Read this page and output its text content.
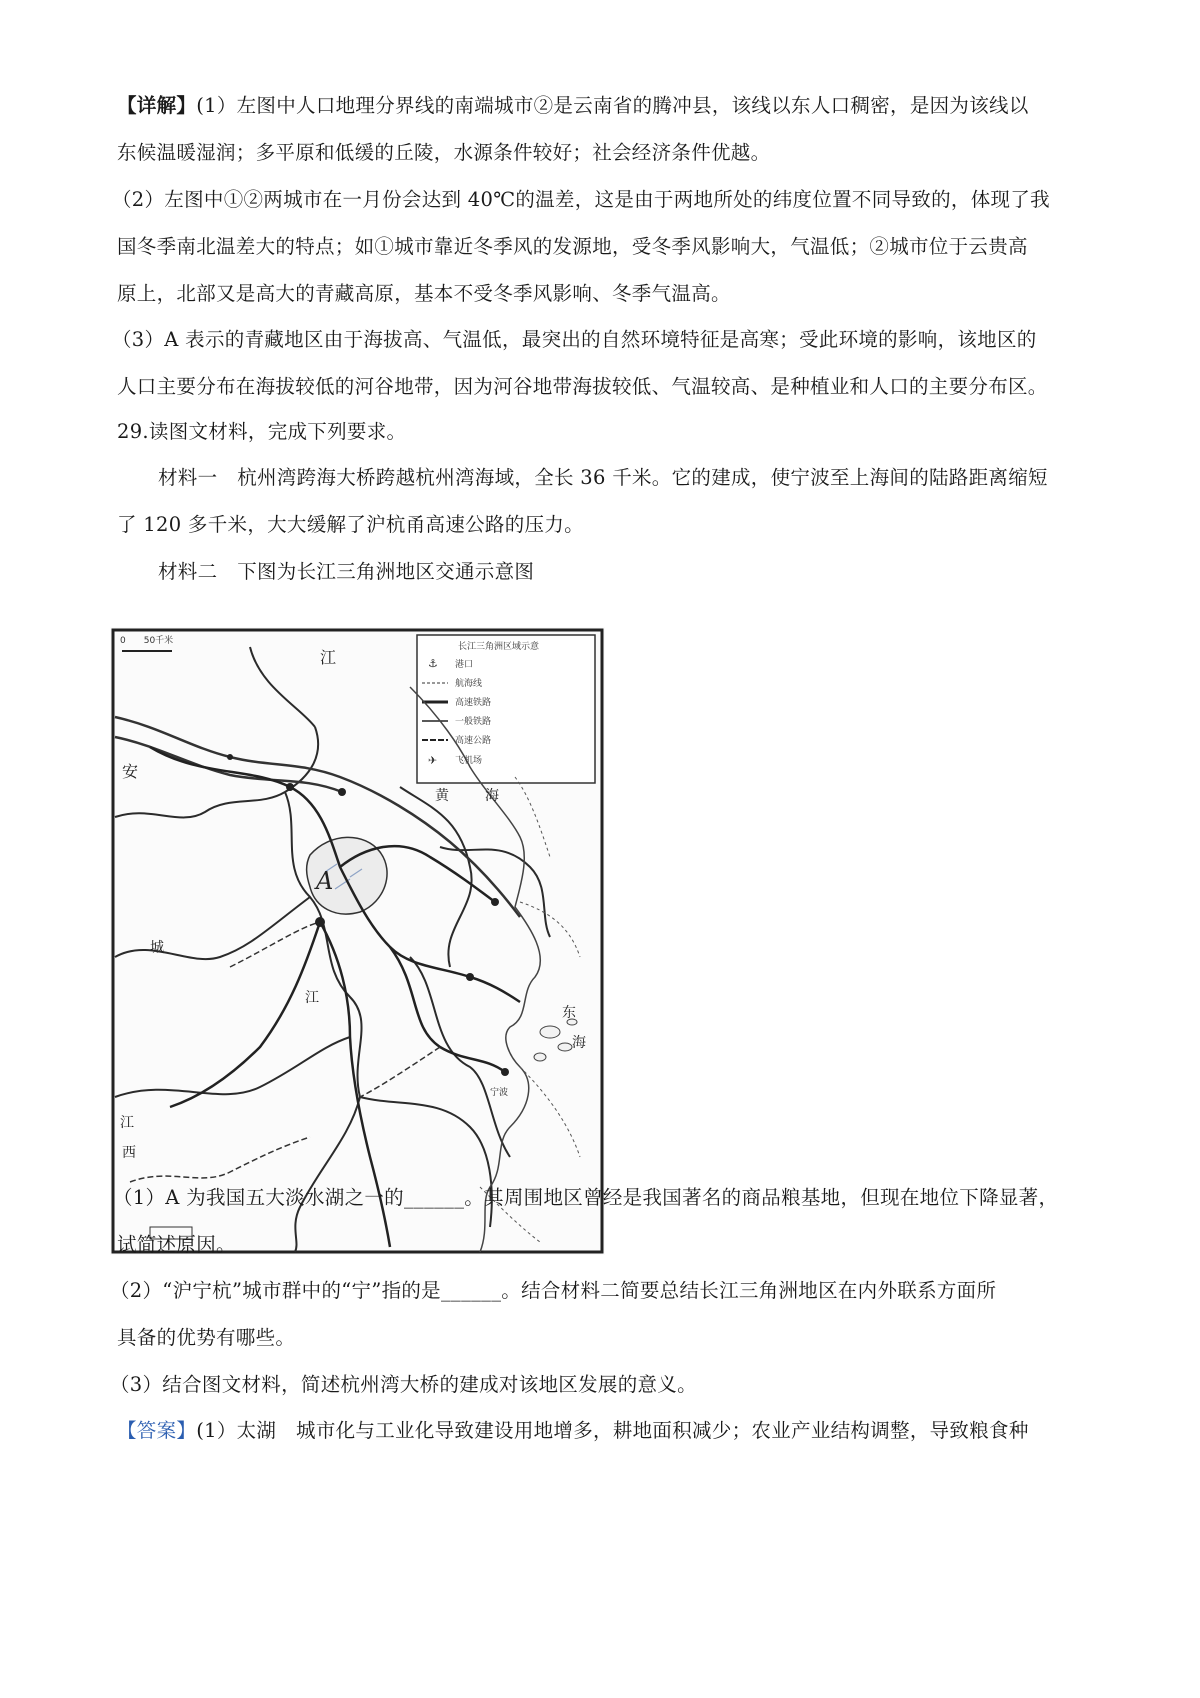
【详解】(1）左图中人口地理分界线的南端城市②是云南省的腾冲县，该线以东人口稠密，是因为该线以
东候温暖湿润；多平原和低缓的丘陵，水源条件较好；社会经济条件优越。
（2）左图中①②两城市在一月份会达到 40℃的温差，这是由于两地所处的纬度位置不同导致的，体现了我
国冬季南北温差大的特点；如①城市靠近冬季风的发源地，受冬季风影响大，气温低；②城市位于云贵高
原上，北部又是高大的青藏高原，基本不受冬季风影响、冬季气温高。
（3）A 表示的青藏地区由于海拔高、气温低，最突出的自然环境特征是高寒；受此环境的影响，该地区的
人口主要分布在海拔较低的河谷地带，因为河谷地带海拔较低、气温较高、是种植业和人口的主要分布区。
29.读图文材料，完成下列要求。
材料一　杭州湾跨海大桥跨越杭州湾海域，全长 36 千米。它的建成，使宁波至上海间的陆路距离缩短
了 120 多千米，大大缓解了沪杭甬高速公路的压力。
材料二　下图为长江三角洲地区交通示意图
0　　50千米
长江三角洲区域示意
⚓ 港口
航海线
高速铁路
一般铁路
高速公路
✈ 飞机场
江
安
城
江
西
江
黄	海
东
海
宁波
A
（1）A 为我国五大淡水湖之一的______。其周围地区曾经是我国著名的商品粮基地，但现在地位下降显著，
试简述原因。
（2）“沪宁杭”城市群中的“宁”指的是______。结合材料二简要总结长江三角洲地区在内外联系方面所
具备的优势有哪些。
（3）结合图文材料，简述杭州湾大桥的建成对该地区发展的意义。
【答案】(1）太湖　城市化与工业化导致建设用地增多，耕地面积减少；农业产业结构调整，导致粮食种
